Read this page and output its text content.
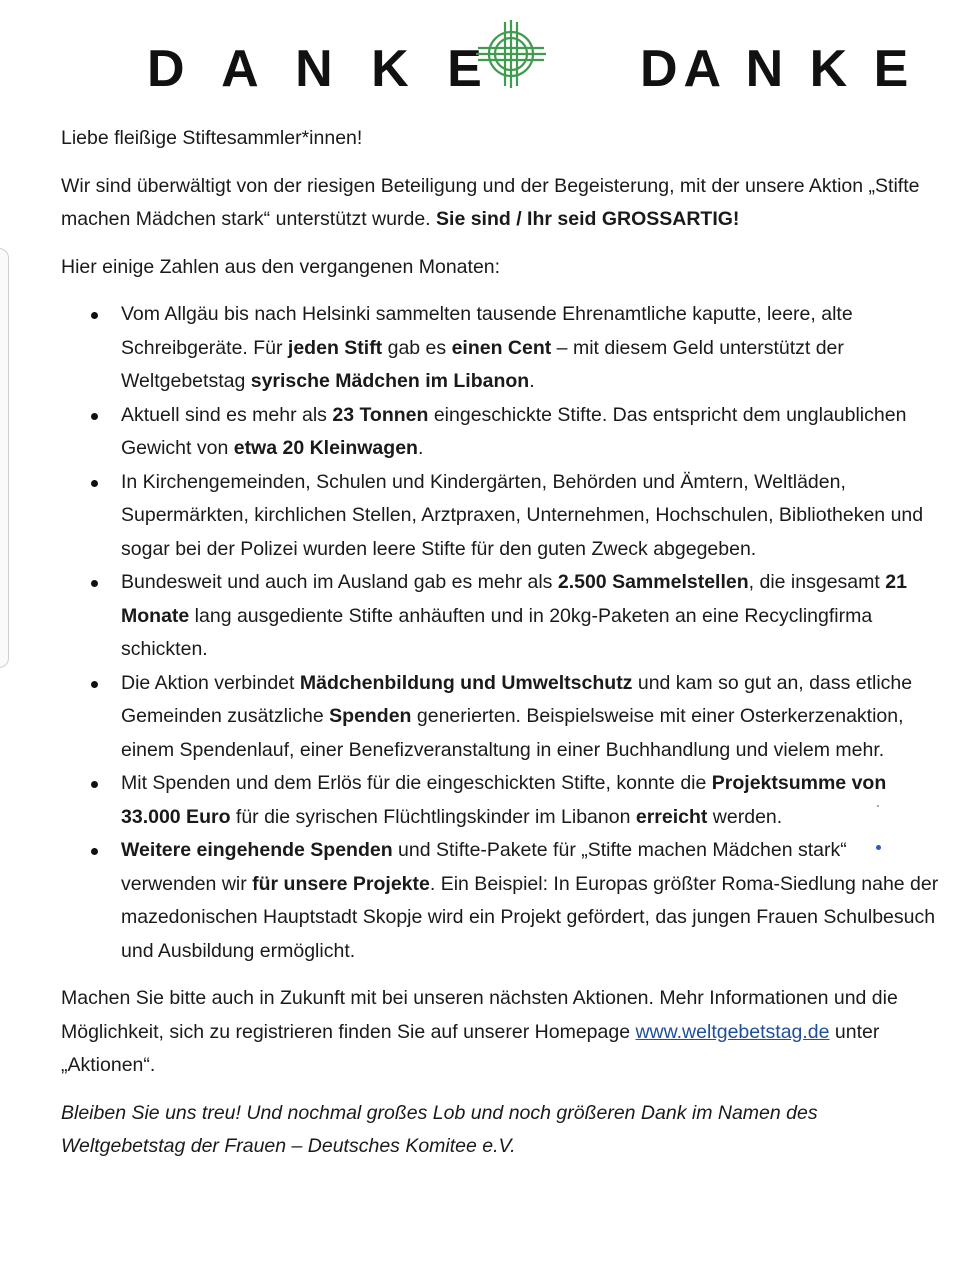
D A N K E	DA N K E

Liebe fleißige Stiftesammler*innen!

Wir sind überwältigt von der riesigen Beteiligung und der Begeisterung, mit der unsere Aktion „Stifte machen Mädchen stark“ unterstützt wurde. Sie sind / Ihr seid GROSSARTIG!

Hier einige Zahlen aus den vergangenen Monaten:

Vom Allgäu bis nach Helsinki sammelten tausende Ehrenamtliche kaputte, leere, alte Schreibgeräte. Für jeden Stift gab es einen Cent – mit diesem Geld unterstützt der Weltgebetstag syrische Mädchen im Libanon.
Aktuell sind es mehr als 23 Tonnen eingeschickte Stifte. Das entspricht dem unglaublichen Gewicht von etwa 20 Kleinwagen.
In Kirchengemeinden, Schulen und Kindergärten, Behörden und Ämtern, Weltläden, Supermärkten, kirchlichen Stellen, Arztpraxen, Unternehmen, Hochschulen, Bibliotheken und sogar bei der Polizei wurden leere Stifte für den guten Zweck abgegeben.
Bundesweit und auch im Ausland gab es mehr als 2.500 Sammelstellen, die insgesamt 21 Monate lang ausgediente Stifte anhäuften und in 20kg-Paketen an eine Recyclingfirma schickten.
Die Aktion verbindet Mädchenbildung und Umweltschutz und kam so gut an, dass etliche Gemeinden zusätzliche Spenden generierten. Beispielsweise mit einer Osterkerzenaktion, einem Spendenlauf, einer Benefizveranstaltung in einer Buchhandlung und vielem mehr.
Mit Spenden und dem Erlös für die eingeschickten Stifte, konnte die Projektsumme von 33.000 Euro für die syrischen Flüchtlingskinder im Libanon erreicht werden.
Weitere eingehende Spenden und Stifte-Pakete für „Stifte machen Mädchen stark“ verwenden wir für unsere Projekte. Ein Beispiel: In Europas größter Roma-Siedlung nahe der mazedonischen Hauptstadt Skopje wird ein Projekt gefördert, das jungen Frauen Schulbesuch und Ausbildung ermöglicht.

Machen Sie bitte auch in Zukunft mit bei unseren nächsten Aktionen. Mehr Informationen und die Möglichkeit, sich zu registrieren finden Sie auf unserer Homepage www.weltgebetstag.de unter „Aktionen“.

Bleiben Sie uns treu! Und nochmal großes Lob und noch größeren Dank im Namen des Weltgebetstag der Frauen – Deutsches Komitee e.V.
